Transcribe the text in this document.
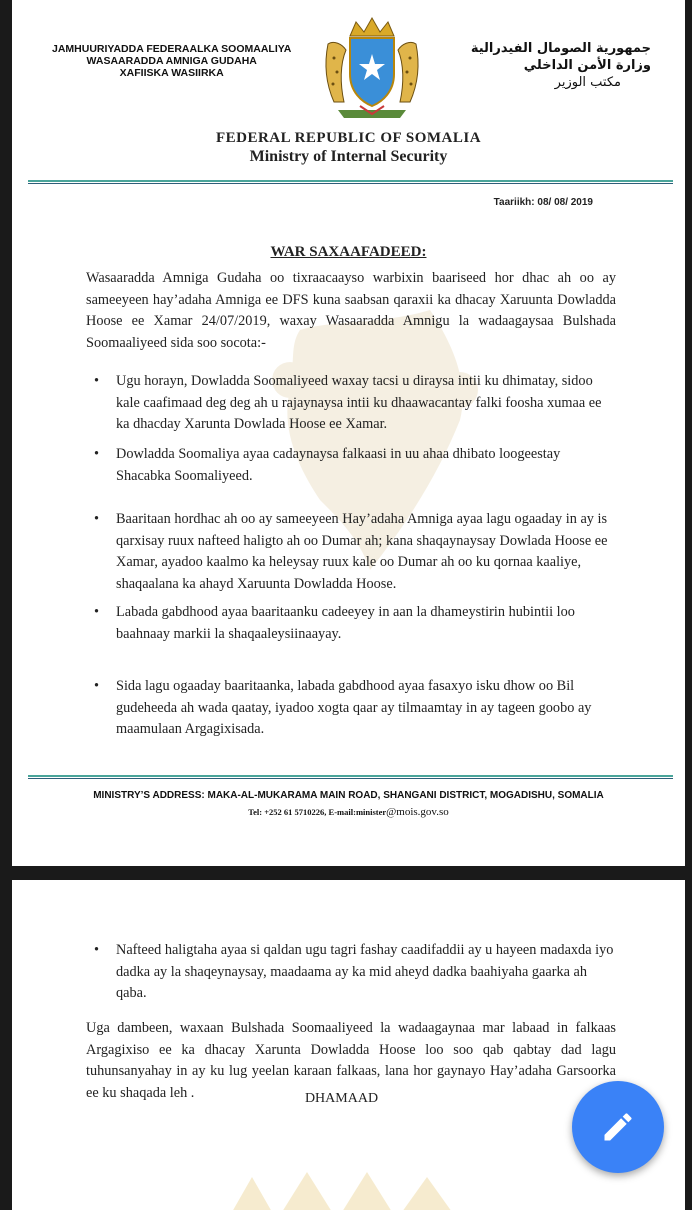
JAMHUURIYADDA FEDERAALKA SOOMAALIYA
WASAARADDA AMNIGA GUDAHA
XAFIISKA WASIIRKA
جمهورية الصومال الفيدرالية
وزارة الأمن الداخلي
مكتب الوزير
FEDERAL REPUBLIC OF SOMALIA
Ministry of Internal Security
Taariikh: 08/ 08/ 2019
WAR SAXAAFADEED:
Wasaaradda Amniga Gudaha oo tixraacaayso warbixin baariseed hor dhac ah oo ay sameeyeen hay’adaha Amniga ee DFS kuna saabsan qaraxii ka dhacay Xaruunta Dowladda Hoose ee Xamar 24/07/2019, waxay Wasaaradda Amnigu la wadaagaysaa Bulshada Soomaaliyeed sida soo socota:-
• Ugu horayn, Dowladda Soomaliyeed waxay tacsi u diraysa intii ku dhimatay, sidoo kale caafimaad deg deg ah u rajaynaysa intii ku dhaawacantay falki foosha xumaa ee ka dhacday Xarunta Dowlada Hoose ee Xamar.
• Dowladda Soomaliya ayaa cadaynaysa falkaasi in uu ahaa dhibato loogeestay Shacabka Soomaliyeed.
• Baaritaan hordhac ah oo ay sameeyeen Hay’adaha Amniga ayaa lagu ogaaday in ay is qarxisay ruux nafteed haligto ah oo Dumar ah; kana shaqaynaysay Dowlada Hoose ee Xamar, ayadoo kaalmo ka heleysay ruux kale oo Dumar ah oo ku qornaa kaaliye, shaqaalana ka ahayd Xaruunta Dowladda Hoose.
• Labada gabdhood ayaa baaritaanku cadeeyey in aan la dhameystirin hubintii loo baahnaay markii la shaqaaleysiinaayay.
• Sida lagu ogaaday baaritaanka, labada gabdhood ayaa fasaxyo isku dhow oo Bil gudeheeda ah wada qaatay, iyadoo xogta qaar ay tilmaamtay in ay tageen goobo ay maamulaan Argagixisada.
MINISTRY’S ADDRESS: MAKA-AL-MUKARAMA MAIN ROAD, SHANGANI DISTRICT, MOGADISHU, SOMALIA
Tel: +252 61 5710226, E-mail:minister@mois.gov.so
• Nafteed haligtaha ayaa si qaldan ugu tagri fashay caadifaddii ay u hayeen madaxda iyo dadka ay la shaqeynaysay, maadaama ay ka mid aheyd dadka baahiyaha gaarka ah qaba.
Uga dambeen, waxaan Bulshada Soomaaliyeed la wadaagaynaa mar labaad in falkaas Argagixiso ee ka dhacay Xarunta Dowladda Hoose loo soo qab qabtay dad lagu tuhunsanyahay in ay ku lug yeelan karaan falkaas, lana hor gaynayo Hay’adaha Garsoorka ee ku shaqada leh .	DHAMAAD
